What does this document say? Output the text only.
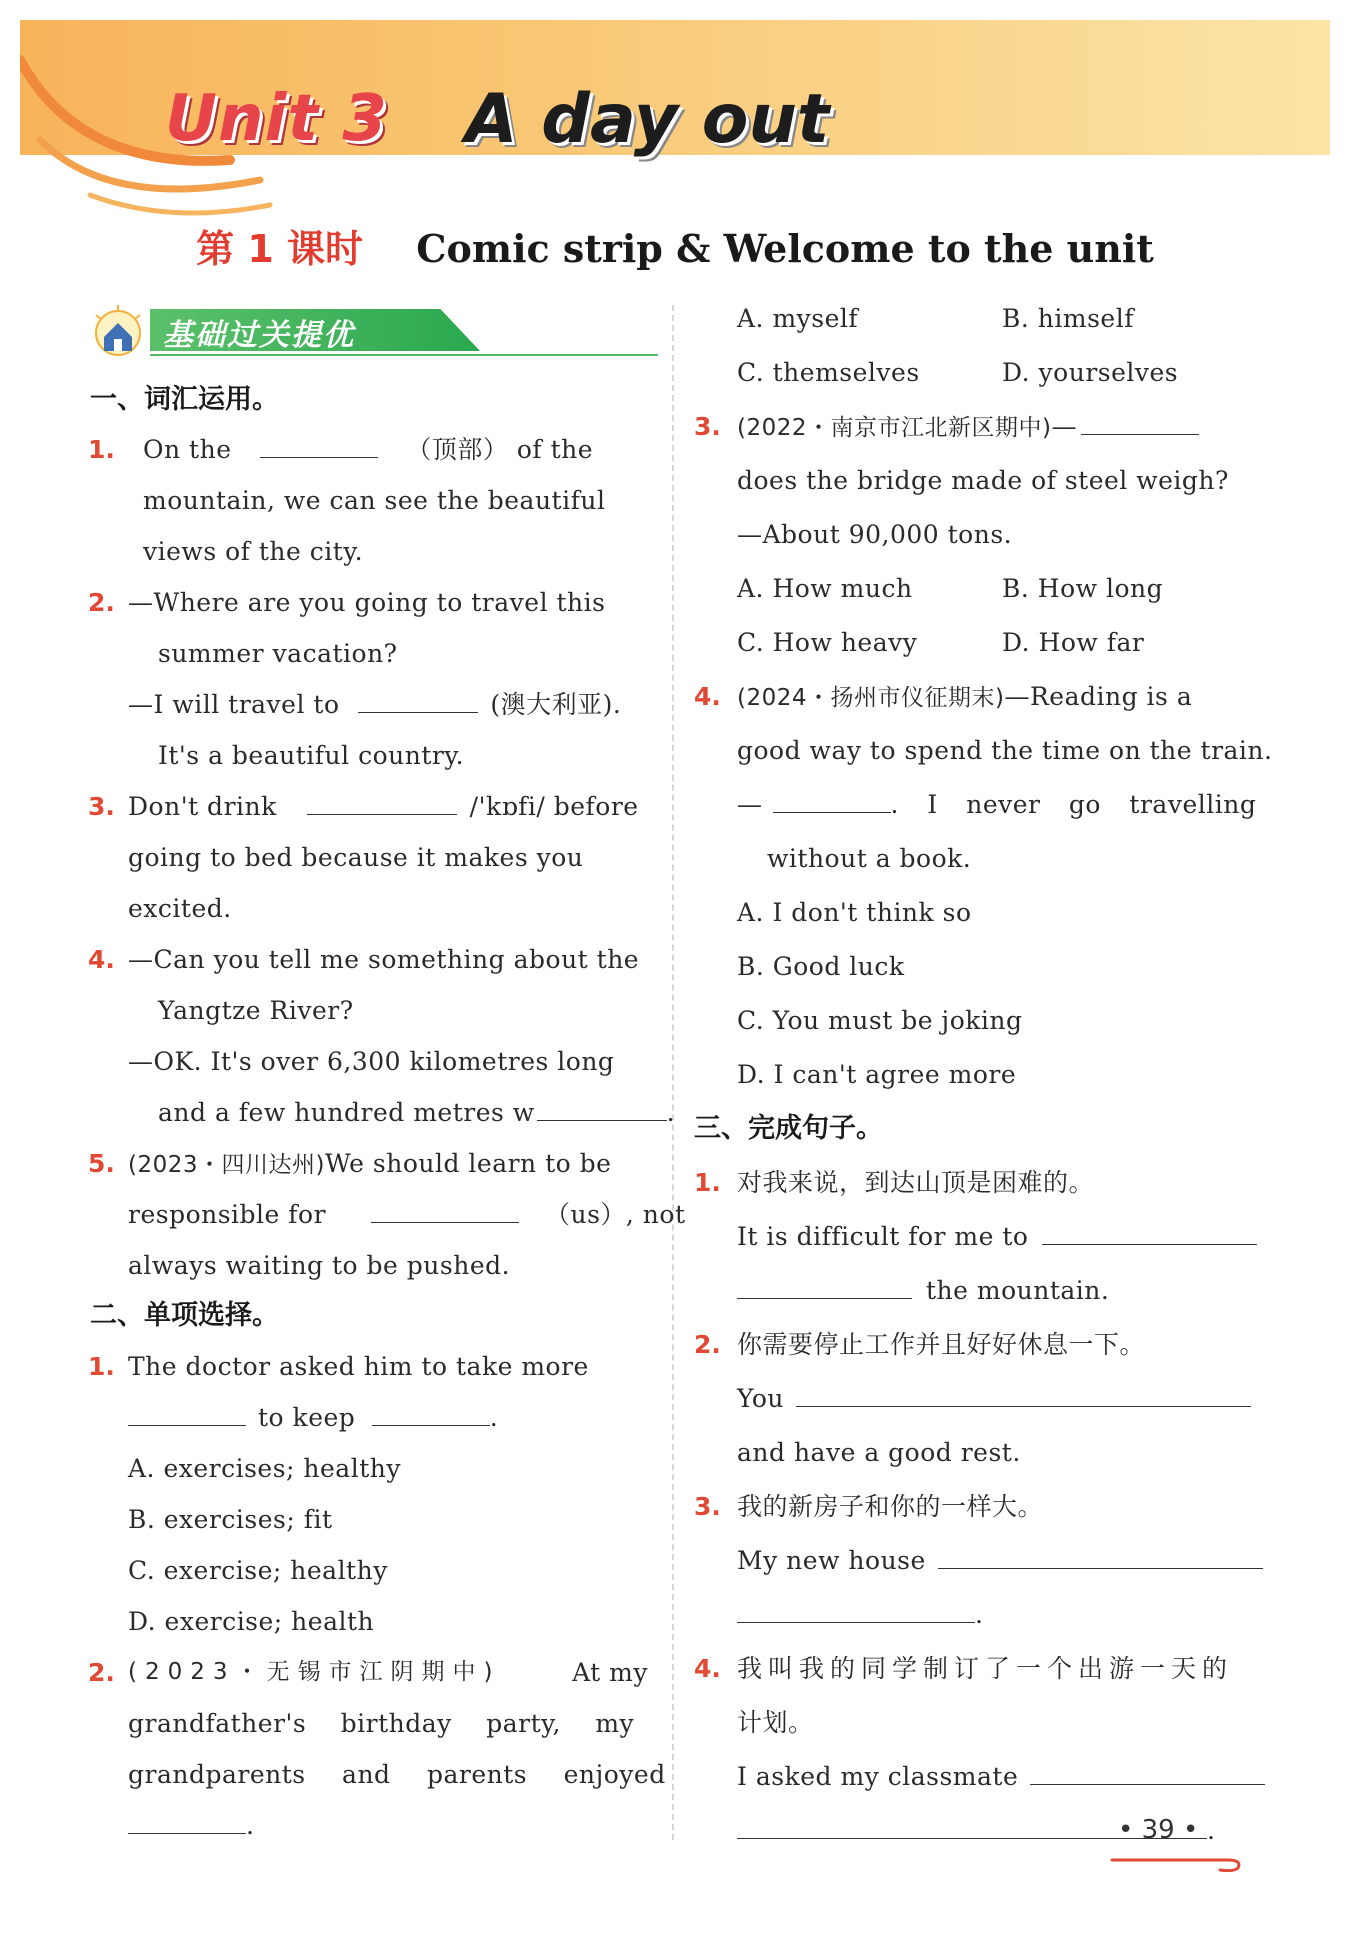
Unit 3 A day out
第 1 课时 Comic strip & Welcome to the unit
基础过关提优
一、词汇运用。
1. On the	（顶部） of the
mountain, we can see the beautiful
views of the city.
2. —Where are you going to travel this
summer vacation?
—I will travel to	(澳大利亚).
It's a beautiful country.
3. Don't drink	/'kɒfi/ before
going to bed because it makes you
excited.
4. —Can you tell me something about the
Yangtze River?
—OK. It's over 6,300 kilometres long
and a few hundred metres w	.
5. (2023・四川达州)We should learn to be
responsible for	（us）, not
always waiting to be pushed.
二、单项选择。
1. The doctor asked him to take more
to keep	.
A. exercises; healthy
B. exercises; fit
C. exercise; healthy
D. exercise; health
2. (2023・无锡市江阴期中)	At my
grandfather's birthday party, my
grandparents and parents enjoyed
.
A. myself	B. himself
C. themselves	D. yourselves
3. (2022・南京市江北新区期中)—
does the bridge made of steel weigh?
—About 90,000 tons.
A. How much	B. How long
C. How heavy	D. How far
4. (2024・扬州市仪征期末)—Reading is a
good way to spend the time on the train.
—	. I never go travelling
without a book.
A. I don't think so
B. Good luck
C. You must be joking
D. I can't agree more
三、完成句子。
1. 对我来说，到达山顶是困难的。
It is difficult for me to
the mountain.
2. 你需要停止工作并且好好休息一下。
You
and have a good rest.
3. 我的新房子和你的一样大。
My new house
.
4. 我叫我的同学制订了一个出游一天的
计划。
I asked my classmate
.
• 39 •
